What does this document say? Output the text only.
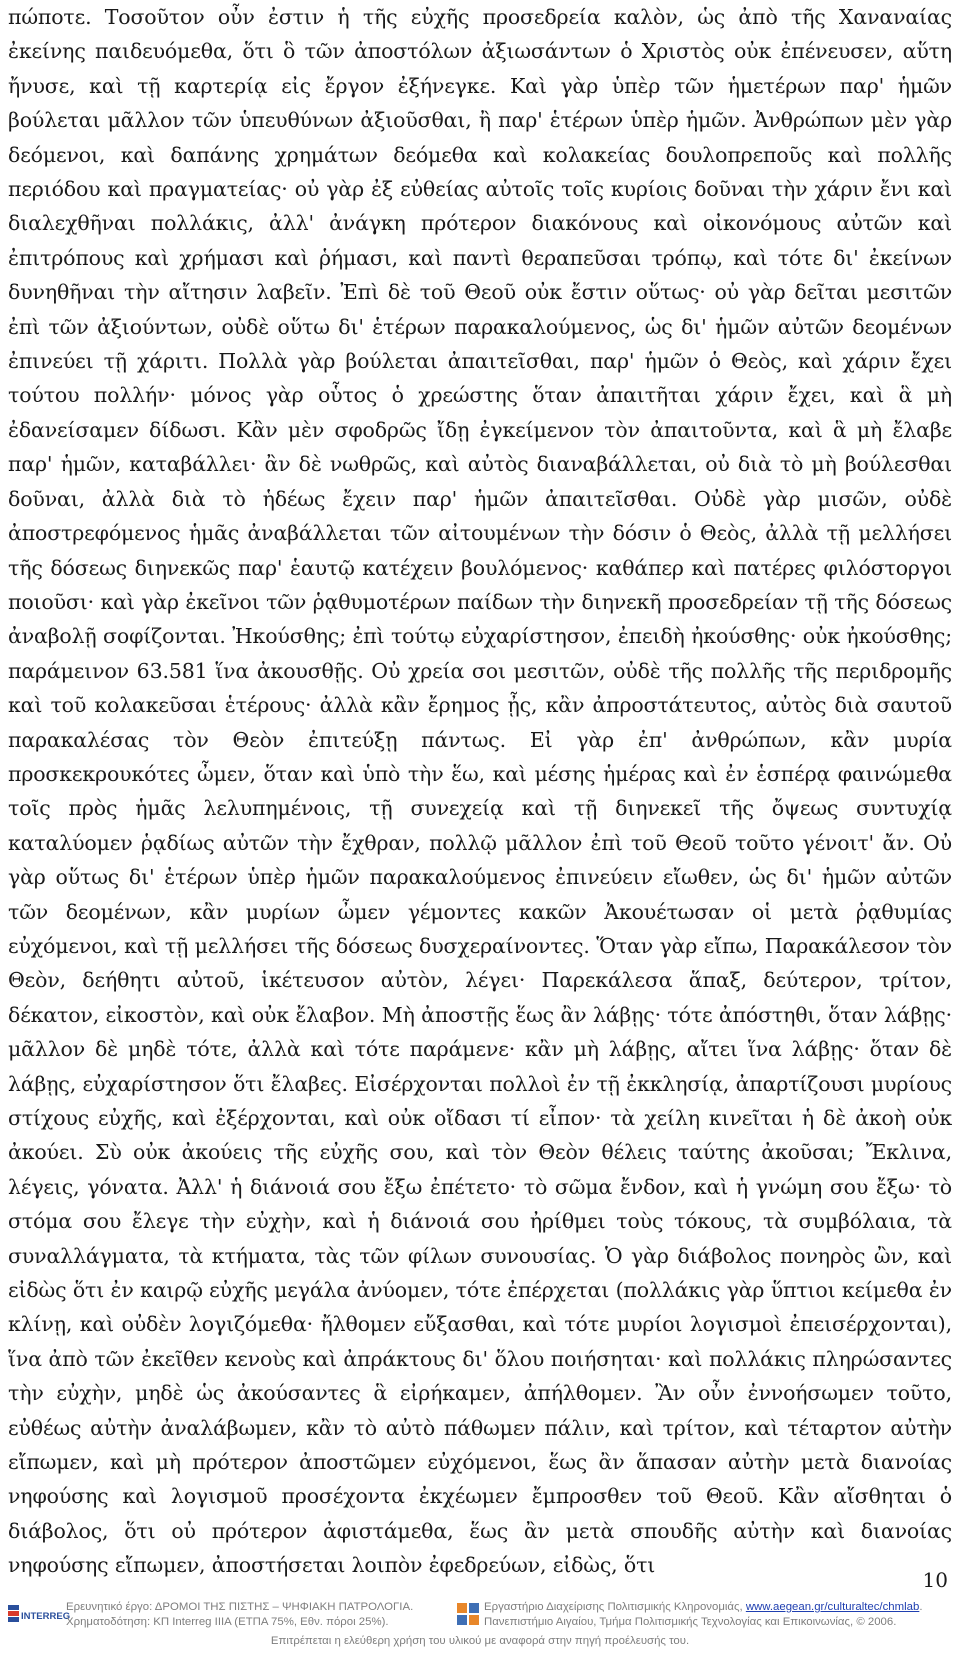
πώποτε. Τοσοῦτον οὖν ἐστιν ἡ τῆς εὐχῆς προσεδρεία καλὸν, ὡς ἀπὸ τῆς Χαναναίας ἐκείνης παιδευόμεθα, ὅτι ὃ τῶν ἀποστόλων ἀξιωσάντων ὁ Χριστὸς οὐκ ἐπένευσεν, αὕτη ἤνυσε, καὶ τῇ καρτερίᾳ εἰς ἔργον ἐξήνεγκε. Καὶ γὰρ ὑπὲρ τῶν ἡμετέρων παρ' ἡμῶν βούλεται μᾶλλον τῶν ὑπευθύνων ἀξιοῦσθαι, ἢ παρ' ἑτέρων ὑπὲρ ἡμῶν. Ἀνθρώπων μὲν γὰρ δεόμενοι, καὶ δαπάνης χρημάτων δεόμεθα καὶ κολακείας δουλοπρεποῦς καὶ πολλῆς περιόδου καὶ πραγματείας· οὐ γὰρ ἐξ εὐθείας αὐτοῖς τοῖς κυρίοις δοῦναι τὴν χάριν ἔνι καὶ διαλεχθῆναι πολλάκις, ἀλλ' ἀνάγκη πρότερον διακόνους καὶ οἰκονόμους αὐτῶν καὶ ἐπιτρόπους καὶ χρήμασι καὶ ῥήμασι, καὶ παντὶ θεραπεῦσαι τρόπῳ, καὶ τότε δι' ἐκείνων δυνηθῆναι τὴν αἴτησιν λαβεῖν. Ἐπὶ δὲ τοῦ Θεοῦ οὐκ ἔστιν οὕτως· οὐ γὰρ δεῖται μεσιτῶν ἐπὶ τῶν ἀξιούντων, οὐδὲ οὕτω δι' ἑτέρων παρακαλούμενος, ὡς δι' ἡμῶν αὐτῶν δεομένων ἐπινεύει τῇ χάριτι. Πολλὰ γὰρ βούλεται ἀπαιτεῖσθαι, παρ' ἡμῶν ὁ Θεὸς, καὶ χάριν ἔχει τούτου πολλήν· μόνος γὰρ οὗτος ὁ χρεώστης ὅταν ἀπαιτῆται χάριν ἔχει, καὶ ἃ μὴ ἐδανείσαμεν δίδωσι. Κἂν μὲν σφοδρῶς ἴδῃ ἐγκείμενον τὸν ἀπαιτοῦντα, καὶ ἃ μὴ ἔλαβε παρ' ἡμῶν, καταβάλλει· ἂν δὲ νωθρῶς, καὶ αὐτὸς διαναβάλλεται, οὐ διὰ τὸ μὴ βούλεσθαι δοῦναι, ἀλλὰ διὰ τὸ ἡδέως ἔχειν παρ' ἡμῶν ἀπαιτεῖσθαι. Οὐδὲ γὰρ μισῶν, οὐδὲ ἀποστρεφόμενος ἡμᾶς ἀναβάλλεται τῶν αἰτουμένων τὴν δόσιν ὁ Θεὸς, ἀλλὰ τῇ μελλήσει τῆς δόσεως διηνεκῶς παρ' ἑαυτῷ κατέχειν βουλόμενος· καθάπερ καὶ πατέρες φιλόστοργοι ποιοῦσι· καὶ γὰρ ἐκεῖνοι τῶν ῥᾳθυμοτέρων παίδων τὴν διηνεκῆ προσεδρείαν τῇ τῆς δόσεως ἀναβολῇ σοφίζονται. Ἠκούσθης; ἐπὶ τούτῳ εὐχαρίστησον, ἐπειδὴ ἠκούσθης· οὐκ ἠκούσθης; παράμεινον 63.581 ἵνα ἀκουσθῇς. Οὐ χρεία σοι μεσιτῶν, οὐδὲ τῆς πολλῆς τῆς περιδρομῆς καὶ τοῦ κολακεῦσαι ἑτέρους· ἀλλὰ κἂν ἔρημος ᾖς, κἂν ἀπροστάτευτος, αὐτὸς διὰ σαυτοῦ παρακαλέσας τὸν Θεὸν ἐπιτεύξῃ πάντως. Εἰ γὰρ ἐπ' ἀνθρώπων, κἂν μυρία προσκεκρουκότες ὦμεν, ὅταν καὶ ὑπὸ τὴν ἕω, καὶ μέσης ἡμέρας καὶ ἐν ἑσπέρᾳ φαινώμεθα τοῖς πρὸς ἡμᾶς λελυπημένοις, τῇ συνεχείᾳ καὶ τῇ διηνεκεῖ τῆς ὄψεως συντυχίᾳ καταλύομεν ῥᾳδίως αὐτῶν τὴν ἔχθραν, πολλῷ μᾶλλον ἐπὶ τοῦ Θεοῦ τοῦτο γένοιτ' ἄν. Οὐ γὰρ οὕτως δι' ἑτέρων ὑπὲρ ἡμῶν παρακαλούμενος ἐπινεύειν εἴωθεν, ὡς δι' ἡμῶν αὐτῶν τῶν δεομένων, κἂν μυρίων ὦμεν γέμοντες κακῶν Ἀκουέτωσαν οἱ μετὰ ῥᾳθυμίας εὐχόμενοι, καὶ τῇ μελλήσει τῆς δόσεως δυσχεραίνοντες. Ὅταν γὰρ εἴπω, Παρακάλεσον τὸν Θεὸν, δεήθητι αὐτοῦ, ἱκέτευσον αὐτὸν, λέγει· Παρεκάλεσα ἅπαξ, δεύτερον, τρίτον, δέκατον, εἰκοστὸν, καὶ οὐκ ἔλαβον. Μὴ ἀποστῇς ἕως ἂν λάβῃς· τότε ἀπόστηθι, ὅταν λάβῃς· μᾶλλον δὲ μηδὲ τότε, ἀλλὰ καὶ τότε παράμενε· κἂν μὴ λάβῃς, αἴτει ἵνα λάβῃς· ὅταν δὲ λάβῃς, εὐχαρίστησον ὅτι ἔλαβες. Εἰσέρχονται πολλοὶ ἐν τῇ ἐκκλησίᾳ, ἀπαρτίζουσι μυρίους στίχους εὐχῆς, καὶ ἐξέρχονται, καὶ οὐκ οἴδασι τί εἶπον· τὰ χείλη κινεῖται ἡ δὲ ἀκοὴ οὐκ ἀκούει. Σὺ οὐκ ἀκούεις τῆς εὐχῆς σου, καὶ τὸν Θεὸν θέλεις ταύτης ἀκοῦσαι; Ἔκλινα, λέγεις, γόνατα. Ἀλλ' ἡ διάνοιά σου ἔξω ἐπέτετο· τὸ σῶμα ἔνδον, καὶ ἡ γνώμη σου ἔξω· τὸ στόμα σου ἔλεγε τὴν εὐχὴν, καὶ ἡ διάνοιά σου ἠρίθμει τοὺς τόκους, τὰ συμβόλαια, τὰ συναλλάγματα, τὰ κτήματα, τὰς τῶν φίλων συνουσίας. Ὁ γὰρ διάβολος πονηρὸς ὢν, καὶ εἰδὼς ὅτι ἐν καιρῷ εὐχῆς μεγάλα ἀνύομεν, τότε ἐπέρχεται (πολλάκις γὰρ ὕπτιοι κείμεθα ἐν κλίνῃ, καὶ οὐδὲν λογιζόμεθα· ἤλθομεν εὔξασθαι, καὶ τότε μυρίοι λογισμοὶ ἐπεισέρχονται), ἵνα ἀπὸ τῶν ἐκεῖθεν κενοὺς καὶ ἀπράκτους δι' ὅλου ποιήσηται· καὶ πολλάκις πληρώσαντες τὴν εὐχὴν, μηδὲ ὡς ἀκούσαντες ἃ εἰρήκαμεν, ἀπήλθομεν. Ἂν οὖν ἐννοήσωμεν τοῦτο, εὐθέως αὐτὴν ἀναλάβωμεν, κἂν τὸ αὐτὸ πάθωμεν πάλιν, καὶ τρίτον, καὶ τέταρτον αὐτὴν εἴπωμεν, καὶ μὴ πρότερον ἀποστῶμεν εὐχόμενοι, ἕως ἂν ἅπασαν αὐτὴν μετὰ διανοίας νηφούσης καὶ λογισμοῦ προσέχοντα ἐκχέωμεν ἔμπροσθεν τοῦ Θεοῦ. Κἂν αἴσθηται ὁ διάβολος, ὅτι οὐ πρότερον ἀφιστάμεθα, ἕως ἂν μετὰ σπουδῆς αὐτὴν καὶ διανοίας νηφούσης εἴπωμεν, ἀποστήσεται λοιπὸν ἐφεδρεύων, εἰδὼς, ὅτι

10
INTERREG
Ερευνητικό έργο: ΔΡΟΜΟΙ ΤΗΣ ΠΙΣΤΗΣ – ΨΗΦΙΑΚΗ ΠΑΤΡΟΛΟΓΙΑ.
Χρηματοδότηση: ΚΠ Interreg IIIA (ΕΤΠΑ 75%, Εθν. πόροι 25%).
Εργαστήριο Διαχείρισης Πολιτισμικής Κληρονομιάς, www.aegean.gr/culturaltec/chmlab.
Πανεπιστήμιο Αιγαίου, Τμήμα Πολιτισμικής Τεχνολογίας και Επικοινωνίας, © 2006.
Επιτρέπεται η ελεύθερη χρήση του υλικού με αναφορά στην πηγή προέλευσής του.
